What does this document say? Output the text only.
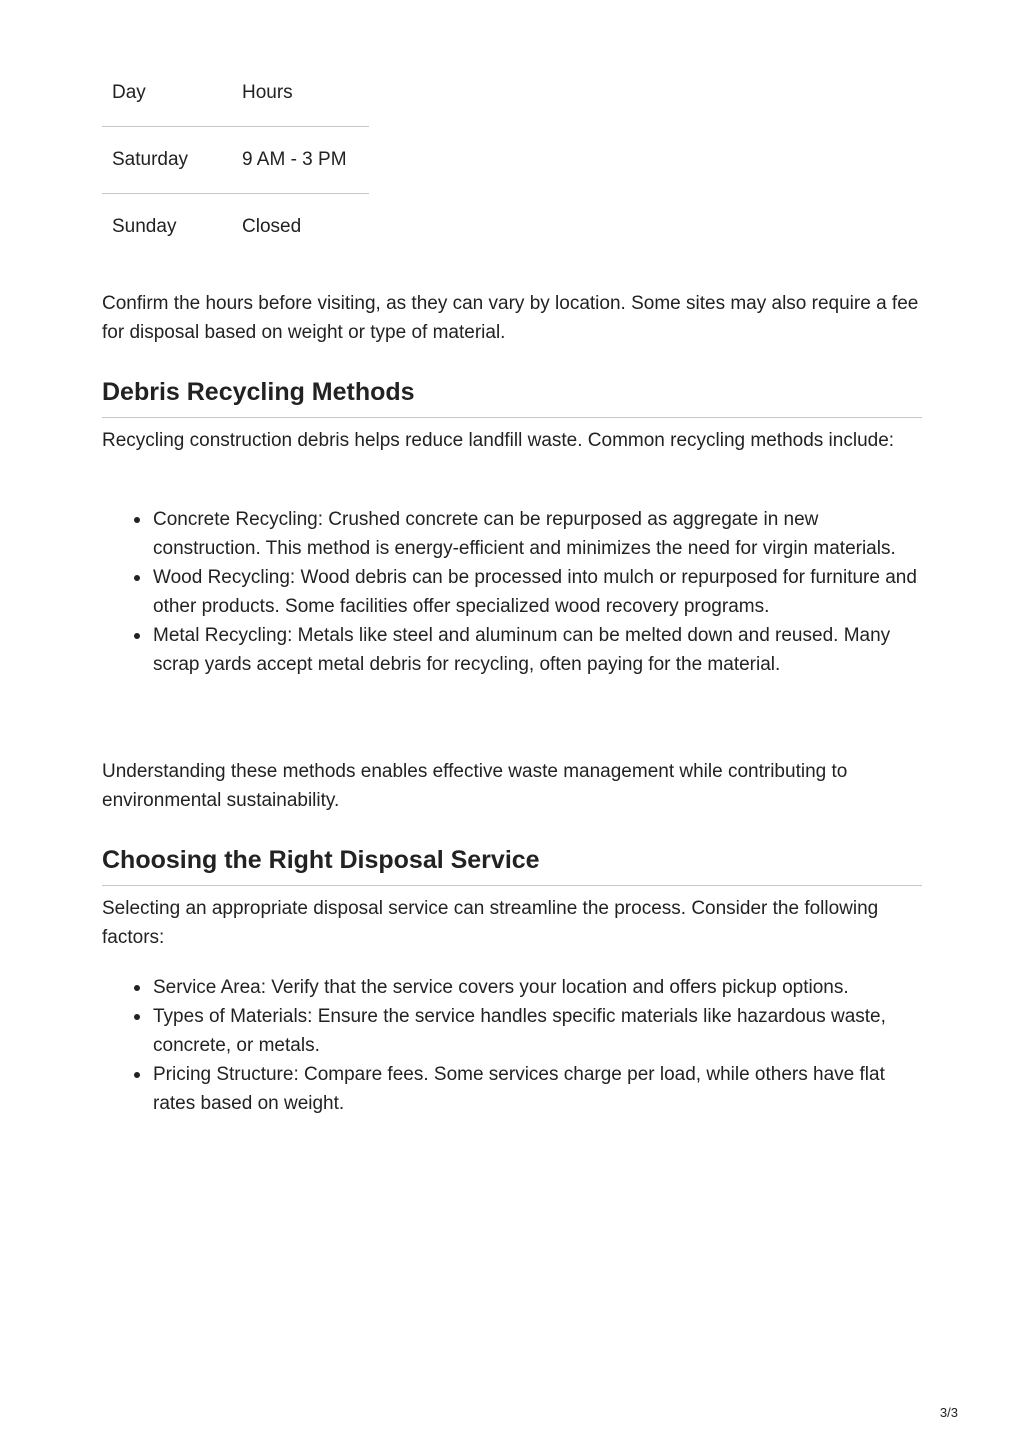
Day	Hours
Saturday	9 AM - 3 PM
Sunday	Closed

Confirm the hours before visiting, as they can vary by location. Some sites may also require a fee for disposal based on weight or type of material.

Debris Recycling Methods

Recycling construction debris helps reduce landfill waste. Common recycling methods include:

Concrete Recycling: Crushed concrete can be repurposed as aggregate in new construction. This method is energy-efficient and minimizes the need for virgin materials.
Wood Recycling: Wood debris can be processed into mulch or repurposed for furniture and other products. Some facilities offer specialized wood recovery programs.
Metal Recycling: Metals like steel and aluminum can be melted down and reused. Many scrap yards accept metal debris for recycling, often paying for the material.

Understanding these methods enables effective waste management while contributing to environmental sustainability.

Choosing the Right Disposal Service

Selecting an appropriate disposal service can streamline the process. Consider the following factors:

Service Area: Verify that the service covers your location and offers pickup options.
Types of Materials: Ensure the service handles specific materials like hazardous waste, concrete, or metals.
Pricing Structure: Compare fees. Some services charge per load, while others have flat rates based on weight.
3/3
